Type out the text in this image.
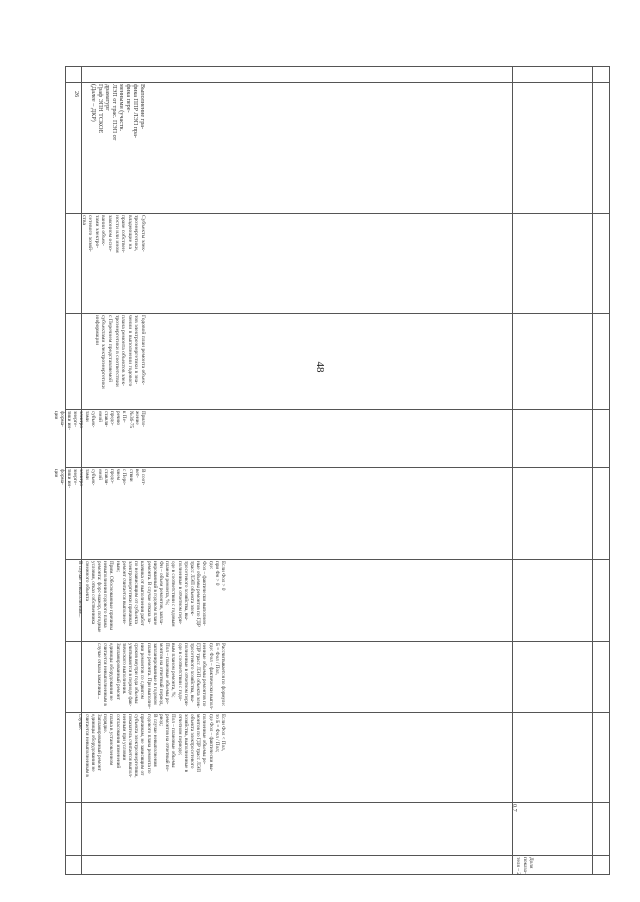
48
26	Выполнение гра-
фика ППР ЛЭП пра-
фикa пере-
менными (участк.
ЛЭП от трас. ПЭП от
драматург
Граф ЭПН ТСКОЕ
(Далее – ДКР)
Субъекты элек-
троэнергетики,
владеющие на
праве собствен-
ности или ином
законном осно-
вании объек-
тами электро-
сетевого хозяй-
ства
Годовой план ремонта объек-
тов электроэнергетики в зна-
чении в выполнении годового
плана ремонта объектов элек-
троэнергетики в соответствии
с Перечнем представляемой
субъектами электроэнергетики
информации
Прило-
жение
№36-75
к Пе-
речню
предо-
ставля-
емой
субъек-
тами
электро-
энерге-
тики ин-
форма-
ции
В соот-
вет-
ствии
с Пере-
чнем
предо-
ставля-
емой
субъек-
тами
электро-
энерге-
тики ин-
форма-
ции
Если Фол > 0
при Фн > 0
где:
Фол – фактически выполнен-
ные объемы ремонтов по ГДР
трасс ЛЭП объекта элек-
тросетевого хозяйства, вы-
полненные в отчетном пери-
оде в соответствии с годовым
планом ремонта, %;
Фн – объем ремонтов, запла-
нированный в годовом плане
ремонта. В случае отказа за-
казчика от выполнения работ
по независящим от субъекта
электроэнергетики причинам
ремонт считается выполнен-
ным;
Прим. Обоснованные причины
невыполнения годового плана
ремонта: форс-мажор, погодные
условия, отказ собственника
смежного объекта
В случае невыполнения...
Рассчитывается по формуле:
Б = Фол / Пол,
где: Фол – фактически выпол-
ненные объемы ремонтов по
ГДР трасс ЛЭП объекта элек-
тросетевого хозяйства, вы-
полненные в отчетном пери-
оде в соответствии с годо-
вым планом ремонта, %;
Пол – плановые объемы ре-
монтов на отчетный период,
запланированные в годовом
плане ремонта. При выполне-
нии ремонтов со сдвигом
сроков внутри года объемы
учитываются в периоде фак-
тического выполнения.
Запланированный ремонт
единицы оборудования не
считается невыполненным в
случае отказа заказчика...
Если Фол < Пол,
то Б = Фол / Пол;
где Фол – фактически вы-
полненные объемы ре-
монтов по ГДР трасс ЛЭП
объекта электросетевого
хозяйства, выполненные в
отчетном периоде;
Пол – плановые объемы
ремонтов на отчетный пе-
риод;
В случае невыполнения
годового плана ремонта по
причинам, не зависящим от
субъекта электроэнергетики,
показатель считается выпол-
ненным при условии
согласования изменений
плана в установленном
порядке.
Запланированный ремонт
единицы оборудования не
считается невыполненным в
случае:
0,7
Доля показа-
теля – 2
